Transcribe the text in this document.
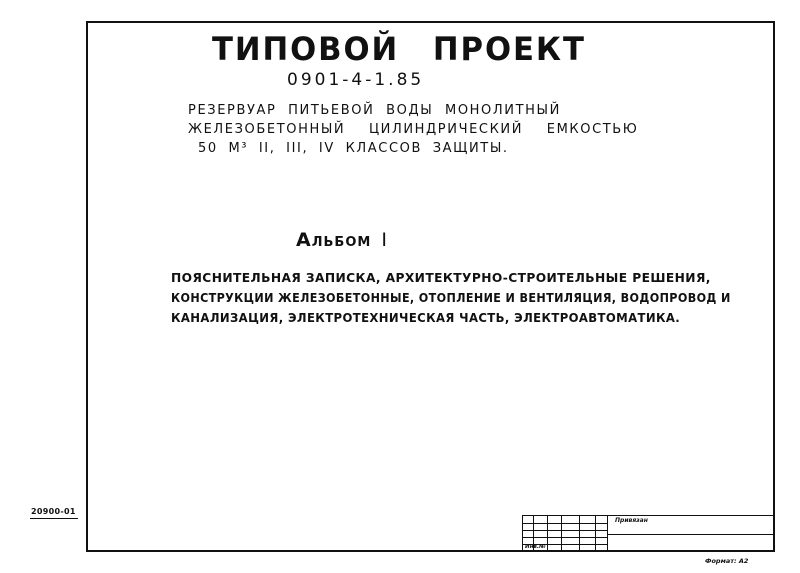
ТИПОВОЙ ПРОЕКТ
0901-4-1.85
РЕЗЕРВУАР ПИТЬЕВОЙ ВОДЫ МОНОЛИТНЫЙ
ЖЕЛЕЗОБЕТОННЫЙ ЦИЛИНДРИЧЕСКИЙ ЕМКОСТЬЮ
50 М³ II, III, IV КЛАССОВ ЗАЩИТЫ.
Альбом I
ПОЯСНИТЕЛЬНАЯ ЗАПИСКА, АРХИТЕКТУРНО-СТРОИТЕЛЬНЫЕ РЕШЕНИЯ,
КОНСТРУКЦИИ ЖЕЛЕЗОБЕТОННЫЕ, ОТОПЛЕНИЕ И ВЕНТИЛЯЦИЯ, ВОДОПРОВОД И
КАНАЛИЗАЦИЯ, ЭЛЕКТРОТЕХНИЧЕСКАЯ ЧАСТЬ, ЭЛЕКТРОАВТОМАТИКА.
20900-01
Привязан
Инв.№
Формат: А2
